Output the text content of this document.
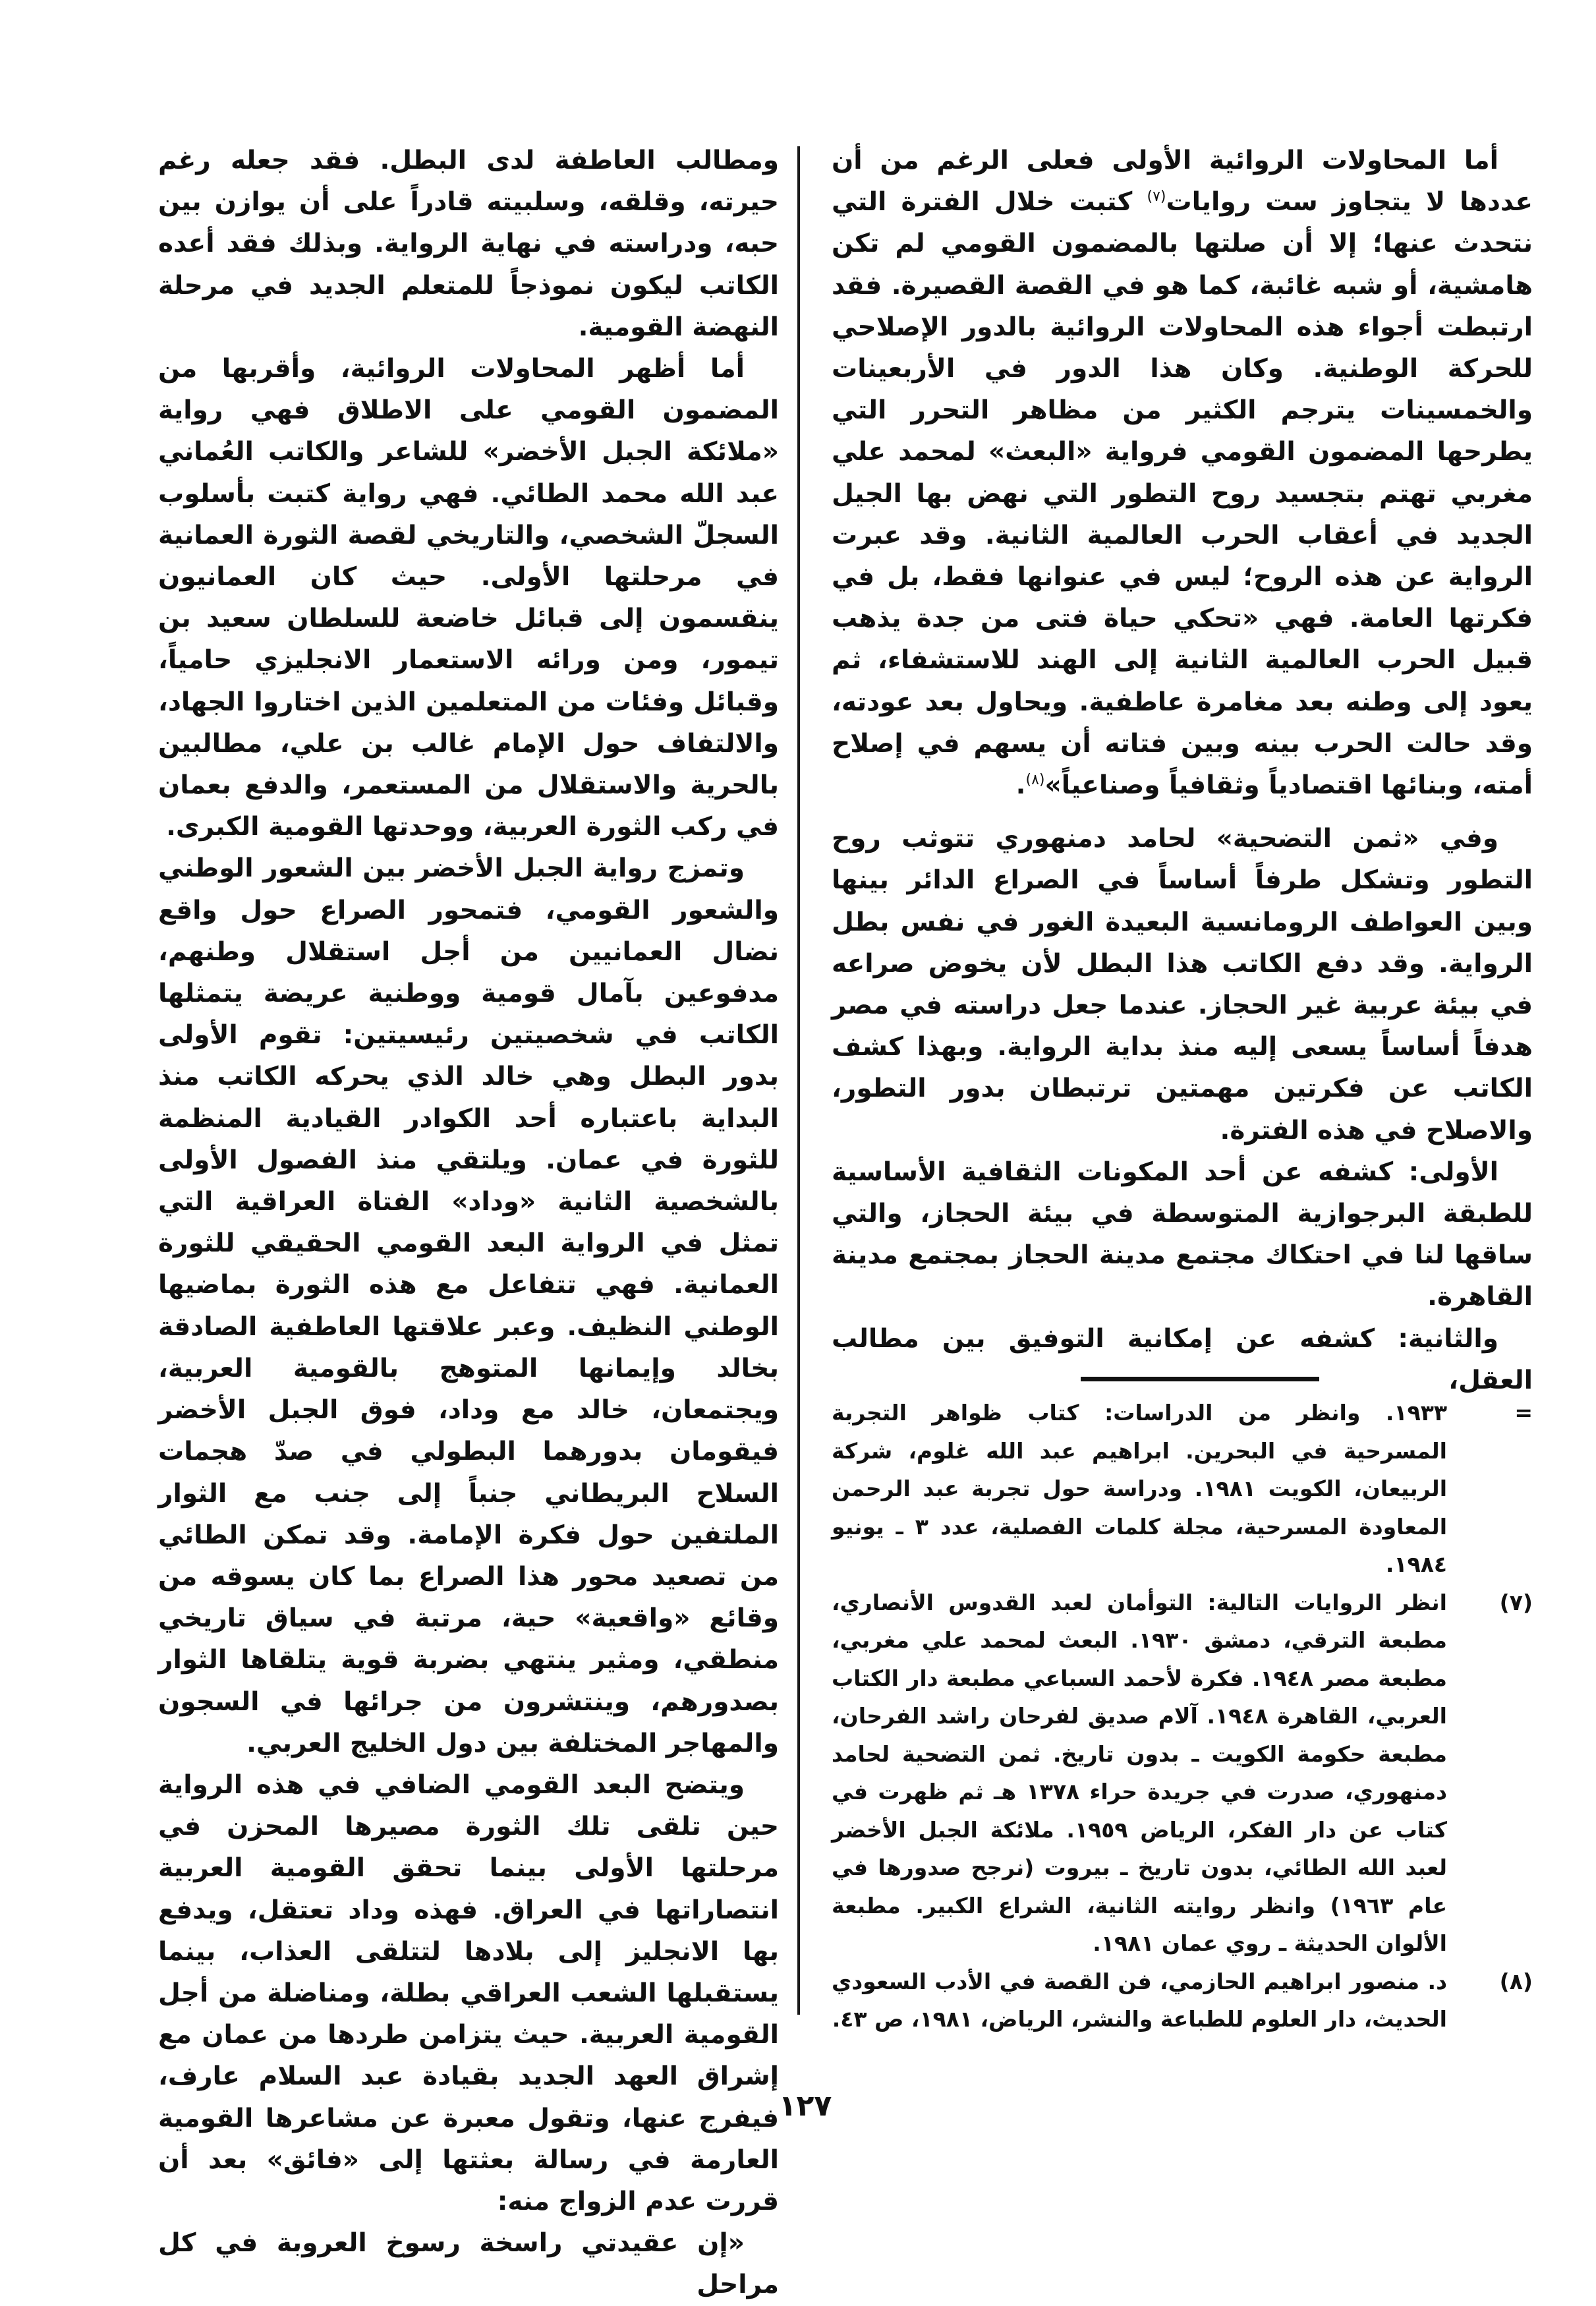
أما المحاولات الروائية الأولى فعلى الرغم من أن عددها لا يتجاوز ست روايات$^{(٧)}$ كتبت خلال الفترة التي نتحدث عنها؛ إلا أن صلتها بالمضمون القومي لم تكن هامشية، أو شبه غائبة، كما هو في القصة القصيرة. فقد ارتبطت أجواء هذه المحاولات الروائية بالدور الإصلاحي للحركة الوطنية. وكان هذا الدور في الأربعينات والخمسينات يترجم الكثير من مظاهر التحرر التي يطرحها المضمون القومي فرواية «البعث» لمحمد علي مغربي تهتم بتجسيد روح التطور التي نهض بها الجيل الجديد في أعقاب الحرب العالمية الثانية. وقد عبرت الرواية عن هذه الروح؛ ليس في عنوانها فقط، بل في فكرتها العامة. فهي «تحكي حياة فتى من جدة يذهب قبيل الحرب العالمية الثانية إلى الهند للاستشفاء، ثم يعود إلى وطنه بعد مغامرة عاطفية. ويحاول بعد عودته، وقد حالت الحرب بينه وبين فتاته أن يسهم في إصلاح أمته، وبنائها اقتصادياً وثقافياً وصناعياً»$^{(٨)}$.

وفي «ثمن التضحية» لحامد دمنهوري تتوثب روح التطور وتشكل طرفاً أساساً في الصراع الدائر بينها وبين العواطف الرومانسية البعيدة الغور في نفس بطل الرواية. وقد دفع الكاتب هذا البطل لأن يخوض صراعه في بيئة عربية غير الحجاز. عندما جعل دراسته في مصر هدفاً أساساً يسعى إليه منذ بداية الرواية. وبهذا كشف الكاتب عن فكرتين مهمتين ترتبطان بدور التطور، والاصلاح في هذه الفترة.

الأولى: كشفه عن أحد المكونات الثقافية الأساسية للطبقة البرجوازية المتوسطة في بيئة الحجاز، والتي ساقها لنا في احتكاك مجتمع مدينة الحجاز بمجتمع مدينة القاهرة.

والثانية: كشفه عن إمكانية التوفيق بين مطالب العقل،

ومطالب العاطفة لدى البطل. فقد جعله رغم حيرته، وقلقه، وسلبيته قادراً على أن يوازن بين حبه، ودراسته في نهاية الرواية. وبذلك فقد أعده الكاتب ليكون نموذجاً للمتعلم الجديد في مرحلة النهضة القومية.

أما أظهر المحاولات الروائية، وأقربها من المضمون القومي على الاطلاق فهي رواية «ملائكة الجبل الأخضر» للشاعر والكاتب العُماني عبد الله محمد الطائي. فهي رواية كتبت بأسلوب السجلّ الشخصي، والتاريخي لقصة الثورة العمانية في مرحلتها الأولى. حيث كان العمانيون ينقسمون إلى قبائل خاضعة للسلطان سعيد بن تيمور، ومن ورائه الاستعمار الانجليزي حامياً، وقبائل وفئات من المتعلمين الذين اختاروا الجهاد، والالتفاف حول الإمام غالب بن علي، مطالبين بالحرية والاستقلال من المستعمر، والدفع بعمان في ركب الثورة العربية، ووحدتها القومية الكبرى.

وتمزج رواية الجبل الأخضر بين الشعور الوطني والشعور القومي، فتمحور الصراع حول واقع نضال العمانيين من أجل استقلال وطنهم، مدفوعين بآمال قومية ووطنية عريضة يتمثلها الكاتب في شخصيتين رئيسيتين: تقوم الأولى بدور البطل وهي خالد الذي يحركه الكاتب منذ البداية باعتباره أحد الكوادر القيادية المنظمة للثورة في عمان. ويلتقي منذ الفصول الأولى بالشخصية الثانية «وداد» الفتاة العراقية التي تمثل في الرواية البعد القومي الحقيقي للثورة العمانية. فهي تتفاعل مع هذه الثورة بماضيها الوطني النظيف. وعبر علاقتها العاطفية الصادقة بخالد وإيمانها المتوهج بالقومية العربية، ويجتمعان، خالد مع وداد، فوق الجبل الأخضر فيقومان بدورهما البطولي في صدّ هجمات السلاح البريطاني جنباً إلى جنب مع الثوار الملتفين حول فكرة الإمامة. وقد تمكن الطائي من تصعيد محور هذا الصراع بما كان يسوقه من وقائع «واقعية» حية، مرتبة في سياق تاريخي منطقي، ومثير ينتهي بضربة قوية يتلقاها الثوار بصدورهم، وينتشرون من جرائها في السجون والمهاجر المختلفة بين دول الخليج العربي.

ويتضح البعد القومي الضافي في هذه الرواية حين تلقى تلك الثورة مصيرها المحزن في مرحلتها الأولى بينما تحقق القومية العربية انتصاراتها في العراق. فهذه وداد تعتقل، ويدفع بها الانجليز إلى بلادها لتتلقى العذاب، بينما يستقبلها الشعب العراقي بطلة، ومناضلة من أجل القومية العربية. حيث يتزامن طردها من عمان مع إشراق العهد الجديد بقيادة عبد السلام عارف، فيفرج عنها، وتقول معبرة عن مشاعرها القومية العارمة في رسالة بعثتها إلى «فائق» بعد أن قررت عدم الزواج منه:

«إن عقيدتي راسخة رسوخ العروبة في كل مراحل

=
١٩٣٣. وانظر من الدراسات: كتاب ظواهر التجربة المسرحية في البحرين. ابراهيم عبد الله غلوم، شركة الربيعان، الكويت ١٩٨١. ودراسة حول تجربة عبد الرحمن المعاودة المسرحية، مجلة كلمات الفصلية، عدد ٣ ـ يونيو ١٩٨٤.
(٧)
انظر الروايات التالية: التوأمان لعبد القدوس الأنصاري، مطبعة الترقي، دمشق ١٩٣٠. البعث لمحمد علي مغربي، مطبعة مصر ١٩٤٨. فكرة لأحمد السباعي مطبعة دار الكتاب العربي، القاهرة ١٩٤٨. آلام صديق لفرحان راشد الفرحان، مطبعة حكومة الكويت ـ بدون تاريخ. ثمن التضحية لحامد دمنهوري، صدرت في جريدة حراء ١٣٧٨ هـ ثم ظهرت في كتاب عن دار الفكر، الرياض ١٩٥٩. ملائكة الجبل الأخضر لعبد الله الطائي، بدون تاريخ ـ بيروت (نرجح صدورها في عام ١٩٦٣) وانظر روايته الثانية، الشراع الكبير. مطبعة الألوان الحديثة ـ روي عمان ١٩٨١.
(٨)
د. منصور ابراهيم الحازمي، فن القصة في الأدب السعودي الحديث، دار العلوم للطباعة والنشر، الرياض، ١٩٨١، ص ٤٣.
١٢٧
